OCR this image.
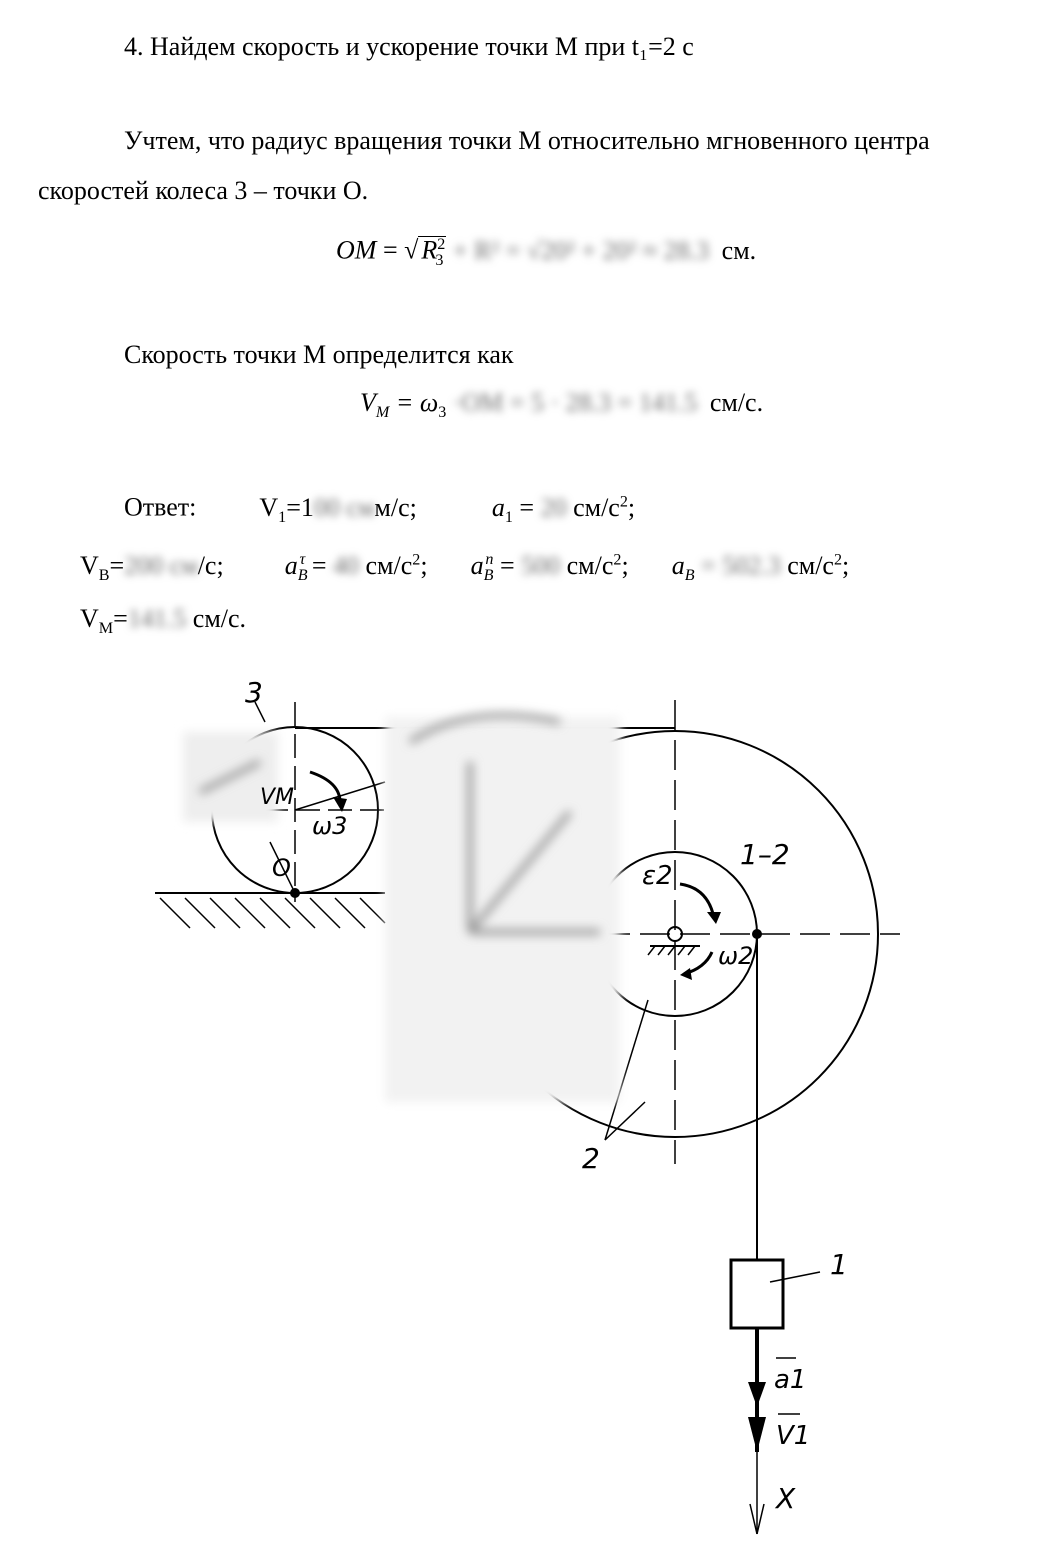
4. Найдем скорость и ускорение точки М при t₁=2 с
Учтем, что радиус вращения точки М относительно мгновенного центра
скоростей колеса 3 – точки О.
OM = √ $R^2_3 + R^2 = √20^2 + 20^2 \approx 28.3$ см.
Скорость точки М определится как
$V_M = \omega_3 \cdot OM = 5 \cdot 28.3 = 141.5$ см/с.
Ответ: $V_1=100$ смм/с;	$a_1 = 20$ $см/с^2$;
$V_B=200$ см/с; $a_B^\tau = 40$ $см/с^2$; $a_B^n = 500$ $см/с^2$; $a_B = 502.3$ $см/с^2$;
$V_M=141.5$ см/с.
3
VM
ω3
O	1–2
ε2
ω2
2
1
a1
V1
X
